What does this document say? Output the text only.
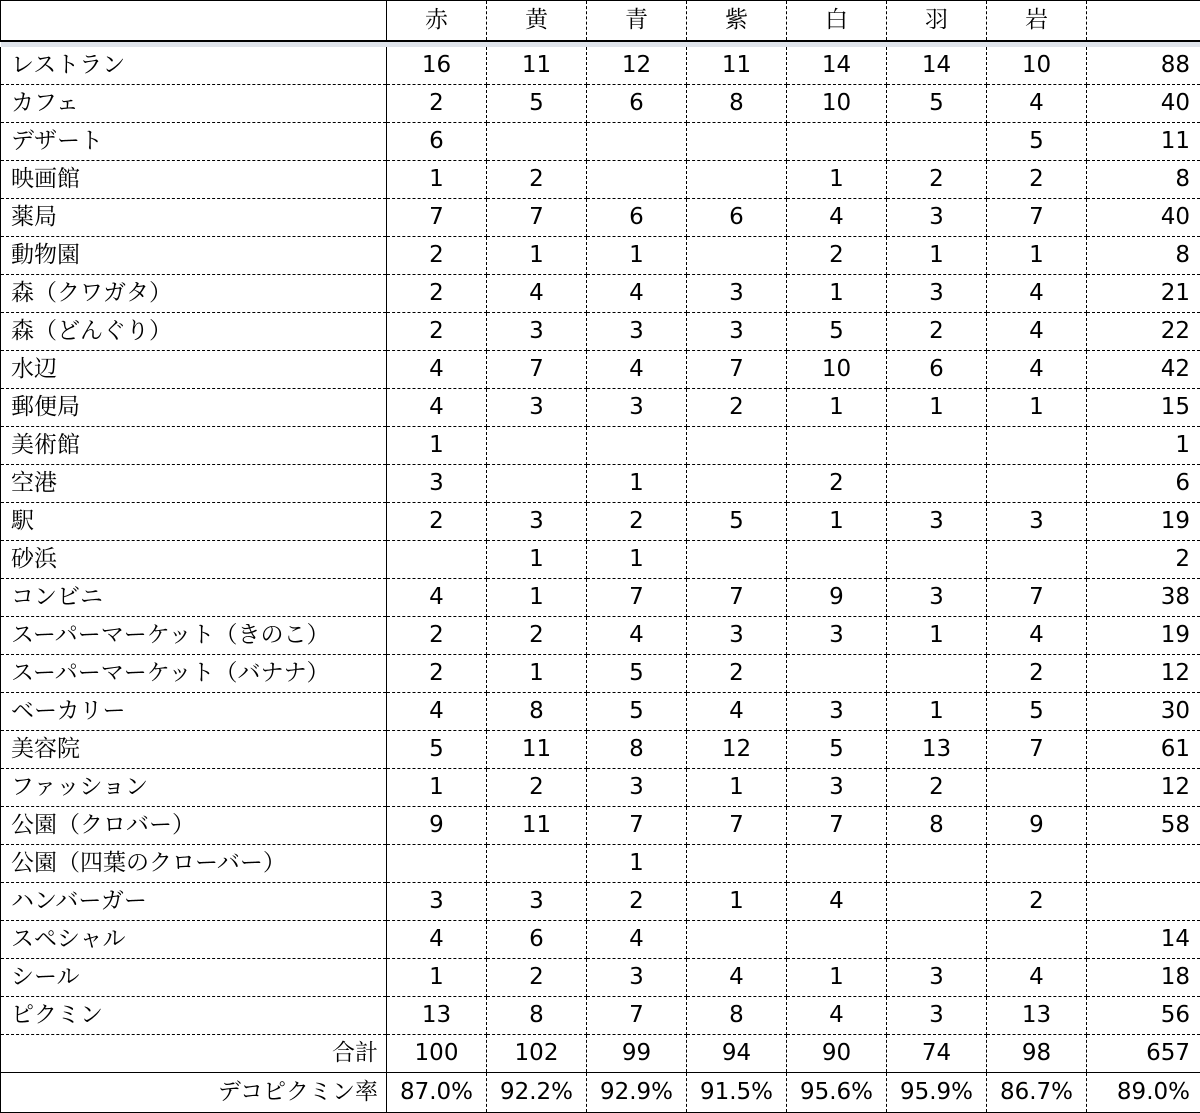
	赤	黄	青	紫	白	羽	岩	

レストラン	16	11	12	11	14	14	10	88
カフェ	2	5	6	8	10	5	4	40
デザート	6						5	11
映画館	1	2			1	2	2	8
薬局	7	7	6	6	4	3	7	40
動物園	2	1	1		2	1	1	8
森（クワガタ）	2	4	4	3	1	3	4	21
森（どんぐり）	2	3	3	3	5	2	4	22
水辺	4	7	4	7	10	6	4	42
郵便局	4	3	3	2	1	1	1	15
美術館	1							1
空港	3		1		2			6
駅	2	3	2	5	1	3	3	19
砂浜		1	1					2
コンビニ	4	1	7	7	9	3	7	38
スーパーマーケット（きのこ）	2	2	4	3	3	1	4	19
スーパーマーケット（バナナ）	2	1	5	2			2	12
ベーカリー	4	8	5	4	3	1	5	30
美容院	5	11	8	12	5	13	7	61
ファッション	1	2	3	1	3	2		12
公園（クロバー）	9	11	7	7	7	8	9	58
公園（四葉のクローバー）			1					
ハンバーガー	3	3	2	1	4		2	
スペシャル	4	6	4					14
シール	1	2	3	4	1	3	4	18
ピクミン	13	8	7	8	4	3	13	56
合計	100	102	99	94	90	74	98	657
デコピクミン率	87.0%	92.2%	92.9%	91.5%	95.6%	95.9%	86.7%	89.0%
